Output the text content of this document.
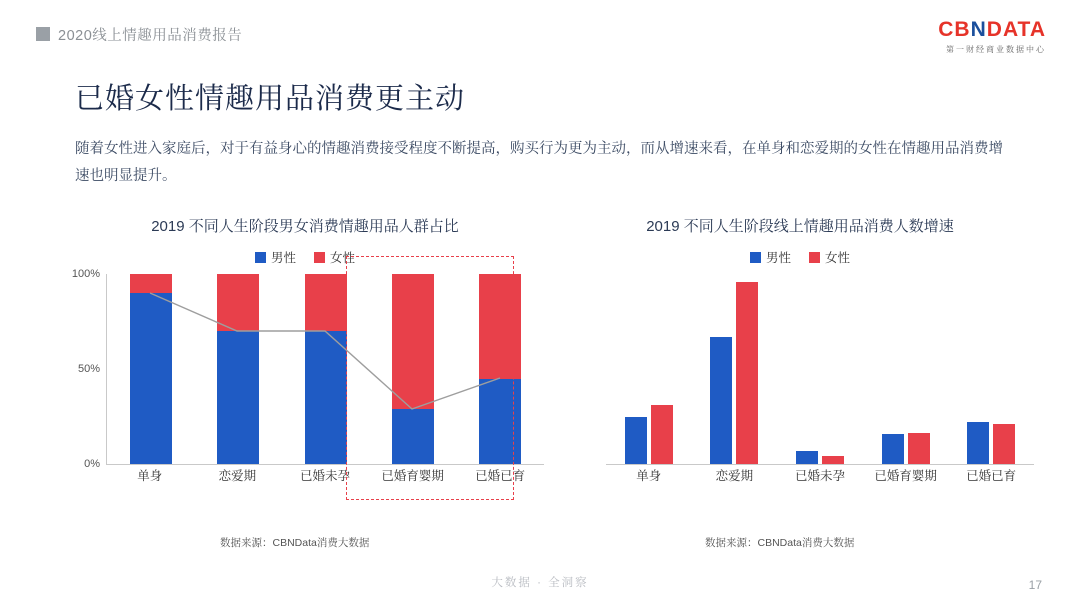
2020线上情趣用品消费报告	CBNDATA
第一财经商业数据中心
已婚女性情趣用品消费更主动
随着女性进入家庭后，对于有益身心的情趣消费接受程度不断提高，购买行为更为主动，而从增速来看，在单身和恋爱期的女性在情趣用品消费增速也明显提升。
2019 不同人生阶段男女消费情趣用品人群占比
男性	女性
100%
50%
0%
单身	恋爱期	已婚未孕	已婚育婴期	已婚已育
数据来源：CBNData消费大数据
2019 不同人生阶段线上情趣用品消费人数增速
男性	女性
单身	恋爱期	已婚未孕	已婚育婴期	已婚已育
数据来源：CBNData消费大数据
大数据 · 全洞察	17
